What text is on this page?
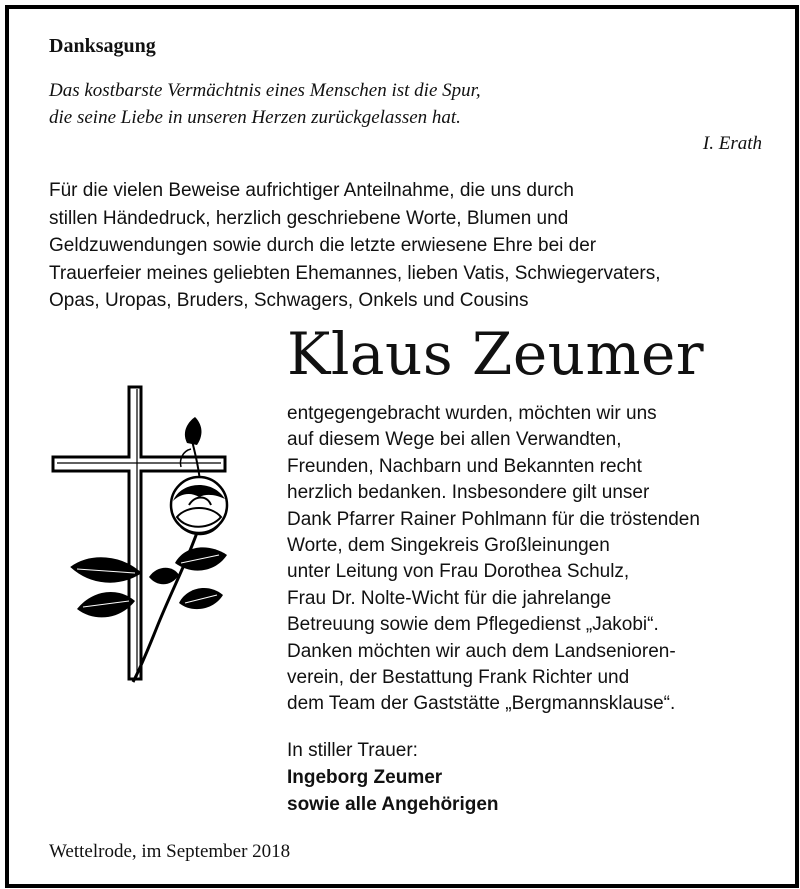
Danksagung
Das kostbarste Vermächtnis eines Menschen ist die Spur,
die seine Liebe in unseren Herzen zurückgelassen hat.
I. Erath
Für die vielen Beweise aufrichtiger Anteilnahme, die uns durch
stillen Händedruck, herzlich geschriebene Worte, Blumen und
Geldzuwendungen sowie durch die letzte erwiesene Ehre bei der
Trauerfeier meines geliebten Ehemannes, lieben Vatis, Schwiegervaters,
Opas, Uropas, Bruders, Schwagers, Onkels und Cousins
Klaus Zeumer
entgegengebracht wurden, möchten wir uns
auf diesem Wege bei allen Verwandten,
Freunden, Nachbarn und Bekannten recht
herzlich bedanken. Insbesondere gilt unser
Dank Pfarrer Rainer Pohlmann für die tröstenden
Worte, dem Singekreis Großleinungen
unter Leitung von Frau Dorothea Schulz,
Frau Dr. Nolte-Wicht für die jahrelange
Betreuung sowie dem Pflegedienst „Jakobi“.
Danken möchten wir auch dem Landsenioren-
verein, der Bestattung Frank Richter und
dem Team der Gaststätte „Bergmannsklause“.
In stiller Trauer:
Ingeborg Zeumer
sowie alle Angehörigen
Wettelrode, im September 2018
